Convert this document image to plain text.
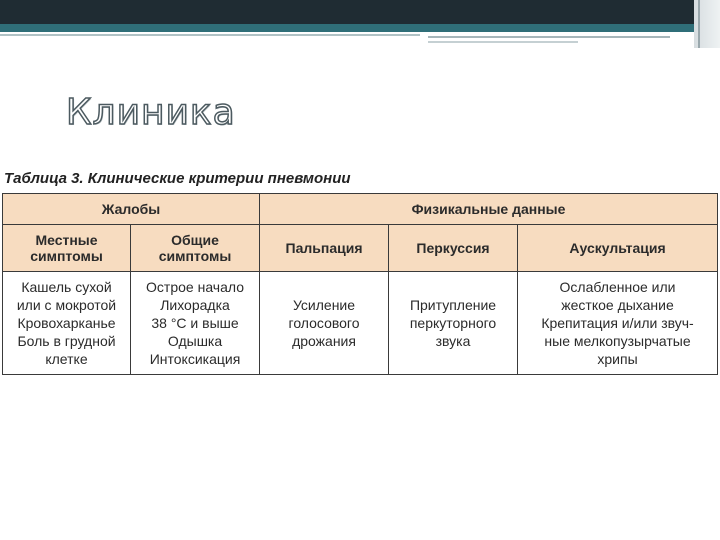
Клиника
Таблица 3. Клинические критерии пневмонии
Жалобы		Физикальные данные		

Местные
симптомы	Общие
симптомы	Пальпация	Перкуссия	Аускультация

Кашель сухой
или с мокротой
Кровохарканье
Боль в грудной
клетке	Острое начало
Лихорадка
38 °С и выше
Одышка
Интоксикация	Усиление
голосового
дрожания	Притупление
перкуторного
звука	Ослабленное или
жесткое дыхание
Крепитация и/или звуч-
ные мелкопузырчатые
хрипы
